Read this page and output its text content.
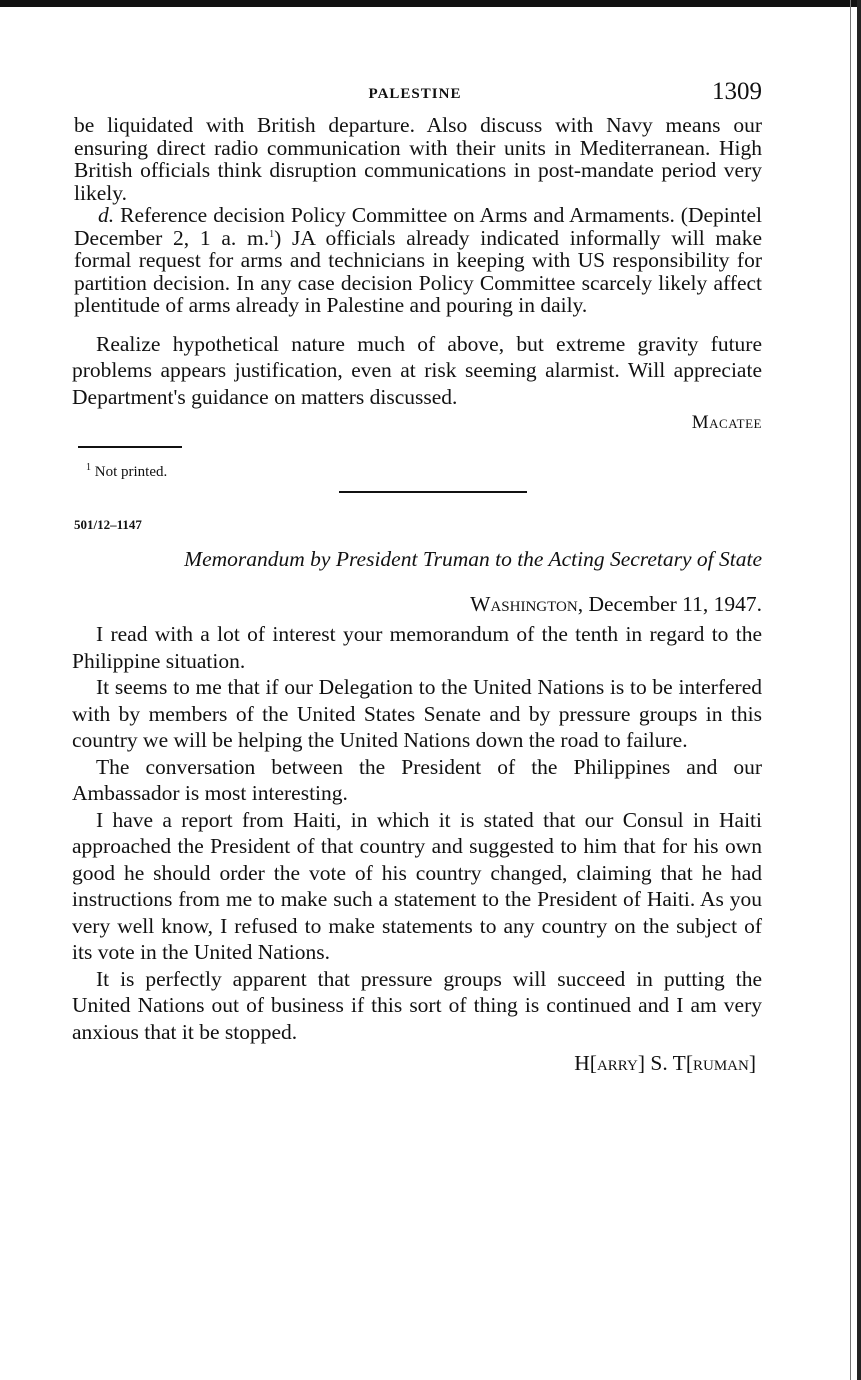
PALESTINE	1309

be liquidated with British departure. Also discuss with Navy means our ensuring direct radio communication with their units in Mediterranean. High British officials think disruption communications in post-mandate period very likely.

d. Reference decision Policy Committee on Arms and Armaments. (Depintel December 2, 1 a. m.$^1$) JA officials already indicated informally will make formal request for arms and technicians in keeping with US responsibility for partition decision. In any case decision Policy Committee scarcely likely affect plentitude of arms already in Palestine and pouring in daily.

Realize hypothetical nature much of above, but extreme gravity future problems appears justification, even at risk seeming alarmist. Will appreciate Department's guidance on matters discussed.

Macatee
$^1$ Not printed.
501/12–1147
Memorandum by President Truman to the Acting Secretary of State
Washington, December 11, 1947.

I read with a lot of interest your memorandum of the tenth in regard to the Philippine situation.

It seems to me that if our Delegation to the United Nations is to be interfered with by members of the United States Senate and by pressure groups in this country we will be helping the United Nations down the road to failure.

The conversation between the President of the Philippines and our Ambassador is most interesting.

I have a report from Haiti, in which it is stated that our Consul in Haiti approached the President of that country and suggested to him that for his own good he should order the vote of his country changed, claiming that he had instructions from me to make such a statement to the President of Haiti. As you very well know, I refused to make statements to any country on the subject of its vote in the United Nations.

It is perfectly apparent that pressure groups will succeed in putting the United Nations out of business if this sort of thing is continued and I am very anxious that it be stopped.

H[arry] S. T[ruman]
